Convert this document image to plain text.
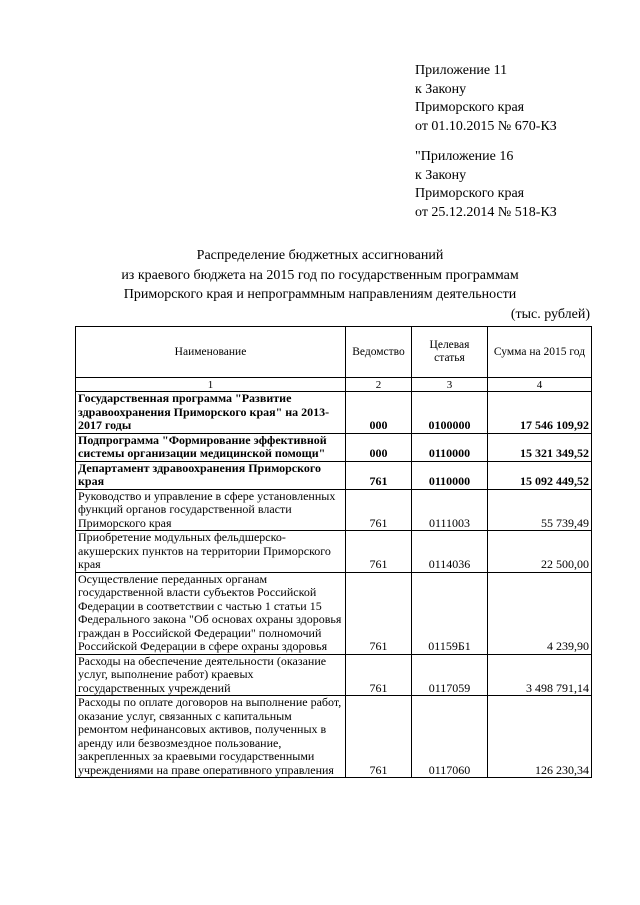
Приложение 11
к Закону
Приморского края
от 01.10.2015 № 670-КЗ
"Приложение 16
к Закону
Приморского края
от 25.12.2014 № 518-КЗ
Распределение бюджетных ассигнований
из краевого бюджета на 2015 год по государственным программам
Приморского края и непрограммным направлениям деятельности
(тыс. рублей)
Наименование	Ведомство	Целевая статья	Сумма на 2015 год
1	2	3	4
Государственная программа "Развитие здравоохранения Приморского края" на 2013-2017 годы	000	0100000	17 546 109,92
Подпрограмма "Формирование эффективной системы организации медицинской помощи"	000	0110000	15 321 349,52
Департамент здравоохранения Приморского края	761	0110000	15 092 449,52
Руководство и управление в сфере установленных функций органов государственной власти Приморского края	761	0111003	55 739,49
Приобретение модульных фельдшерско-акушерских пунктов на территории Приморского края	761	0114036	22 500,00
Осуществление переданных органам государственной власти субъектов Российской Федерации в соответствии с частью 1 статьи 15 Федерального закона "Об основах охраны здоровья граждан в Российской Федерации" полномочий Российской Федерации в сфере охраны здоровья	761	01159Б1	4 239,90
Расходы на обеспечение деятельности (оказание услуг, выполнение работ) краевых государственных учреждений	761	0117059	3 498 791,14
Расходы по оплате договоров на выполнение работ, оказание услуг, связанных с капитальным ремонтом нефинансовых активов, полученных в аренду или безвозмездное пользование, закрепленных за краевыми государственными учреждениями на праве оперативного управления	761	0117060	126 230,34
